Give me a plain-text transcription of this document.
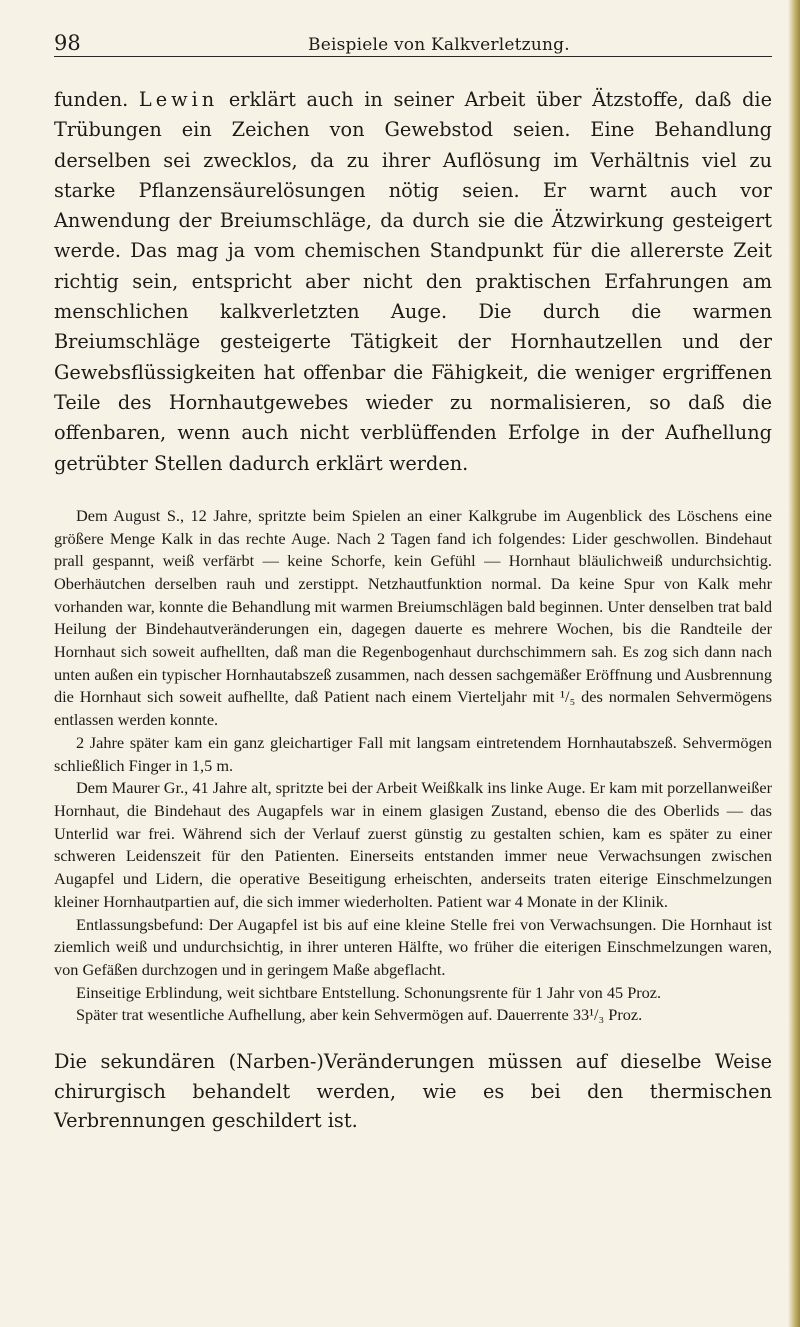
98	Beispiele von Kalkverletzung.

funden. Lewin erklärt auch in seiner Arbeit über Ätzstoffe, daß die Trübungen ein Zeichen von Gewebstod seien. Eine Behandlung derselben sei zwecklos, da zu ihrer Auflösung im Verhältnis viel zu starke Pflanzensäurelösungen nötig seien. Er warnt auch vor Anwendung der Breiumschläge, da durch sie die Ätzwirkung gesteigert werde. Das mag ja vom chemischen Standpunkt für die allererste Zeit richtig sein, entspricht aber nicht den praktischen Erfahrungen am menschlichen kalkverletzten Auge. Die durch die warmen Breiumschläge gesteigerte Tätigkeit der Hornhautzellen und der Gewebsflüssigkeiten hat offenbar die Fähigkeit, die weniger ergriffenen Teile des Hornhautgewebes wieder zu normalisieren, so daß die offenbaren, wenn auch nicht verblüffenden Erfolge in der Aufhellung getrübter Stellen dadurch erklärt werden.

Dem August S., 12 Jahre, spritzte beim Spielen an einer Kalkgrube im Augenblick des Löschens eine größere Menge Kalk in das rechte Auge. Nach 2 Tagen fand ich folgendes: Lider geschwollen. Bindehaut prall gespannt, weiß verfärbt — keine Schorfe, kein Gefühl — Hornhaut bläulichweiß undurchsichtig. Oberhäutchen derselben rauh und zerstippt. Netzhautfunktion normal. Da keine Spur von Kalk mehr vorhanden war, konnte die Behandlung mit warmen Breiumschlägen bald beginnen. Unter denselben trat bald Heilung der Bindehautveränderungen ein, dagegen dauerte es mehrere Wochen, bis die Randteile der Hornhaut sich soweit aufhellten, daß man die Regenbogenhaut durchschimmern sah. Es zog sich dann nach unten außen ein typischer Hornhautabszeß zusammen, nach dessen sachgemäßer Eröffnung und Ausbrennung die Hornhaut sich soweit aufhellte, daß Patient nach einem Vierteljahr mit ¹/₅ des normalen Sehvermögens entlassen werden konnte.

2 Jahre später kam ein ganz gleichartiger Fall mit langsam eintretendem Hornhautabszeß. Sehvermögen schließlich Finger in 1,5 m.

Dem Maurer Gr., 41 Jahre alt, spritzte bei der Arbeit Weißkalk ins linke Auge. Er kam mit porzellanweißer Hornhaut, die Bindehaut des Augapfels war in einem glasigen Zustand, ebenso die des Oberlids — das Unterlid war frei. Während sich der Verlauf zuerst günstig zu gestalten schien, kam es später zu einer schweren Leidenszeit für den Patienten. Einerseits entstanden immer neue Verwachsungen zwischen Augapfel und Lidern, die operative Beseitigung erheischten, anderseits traten eiterige Einschmelzungen kleiner Hornhautpartien auf, die sich immer wiederholten. Patient war 4 Monate in der Klinik.

Entlassungsbefund: Der Augapfel ist bis auf eine kleine Stelle frei von Verwachsungen. Die Hornhaut ist ziemlich weiß und undurchsichtig, in ihrer unteren Hälfte, wo früher die eiterigen Einschmelzungen waren, von Gefäßen durchzogen und in geringem Maße abgeflacht.

Einseitige Erblindung, weit sichtbare Entstellung. Schonungsrente für 1 Jahr von 45 Proz.

Später trat wesentliche Aufhellung, aber kein Sehvermögen auf. Dauerrente 33¹/₃ Proz.

Die sekundären (Narben-)Veränderungen müssen auf dieselbe Weise chirurgisch behandelt werden, wie es bei den thermischen Verbrennungen geschildert ist.
